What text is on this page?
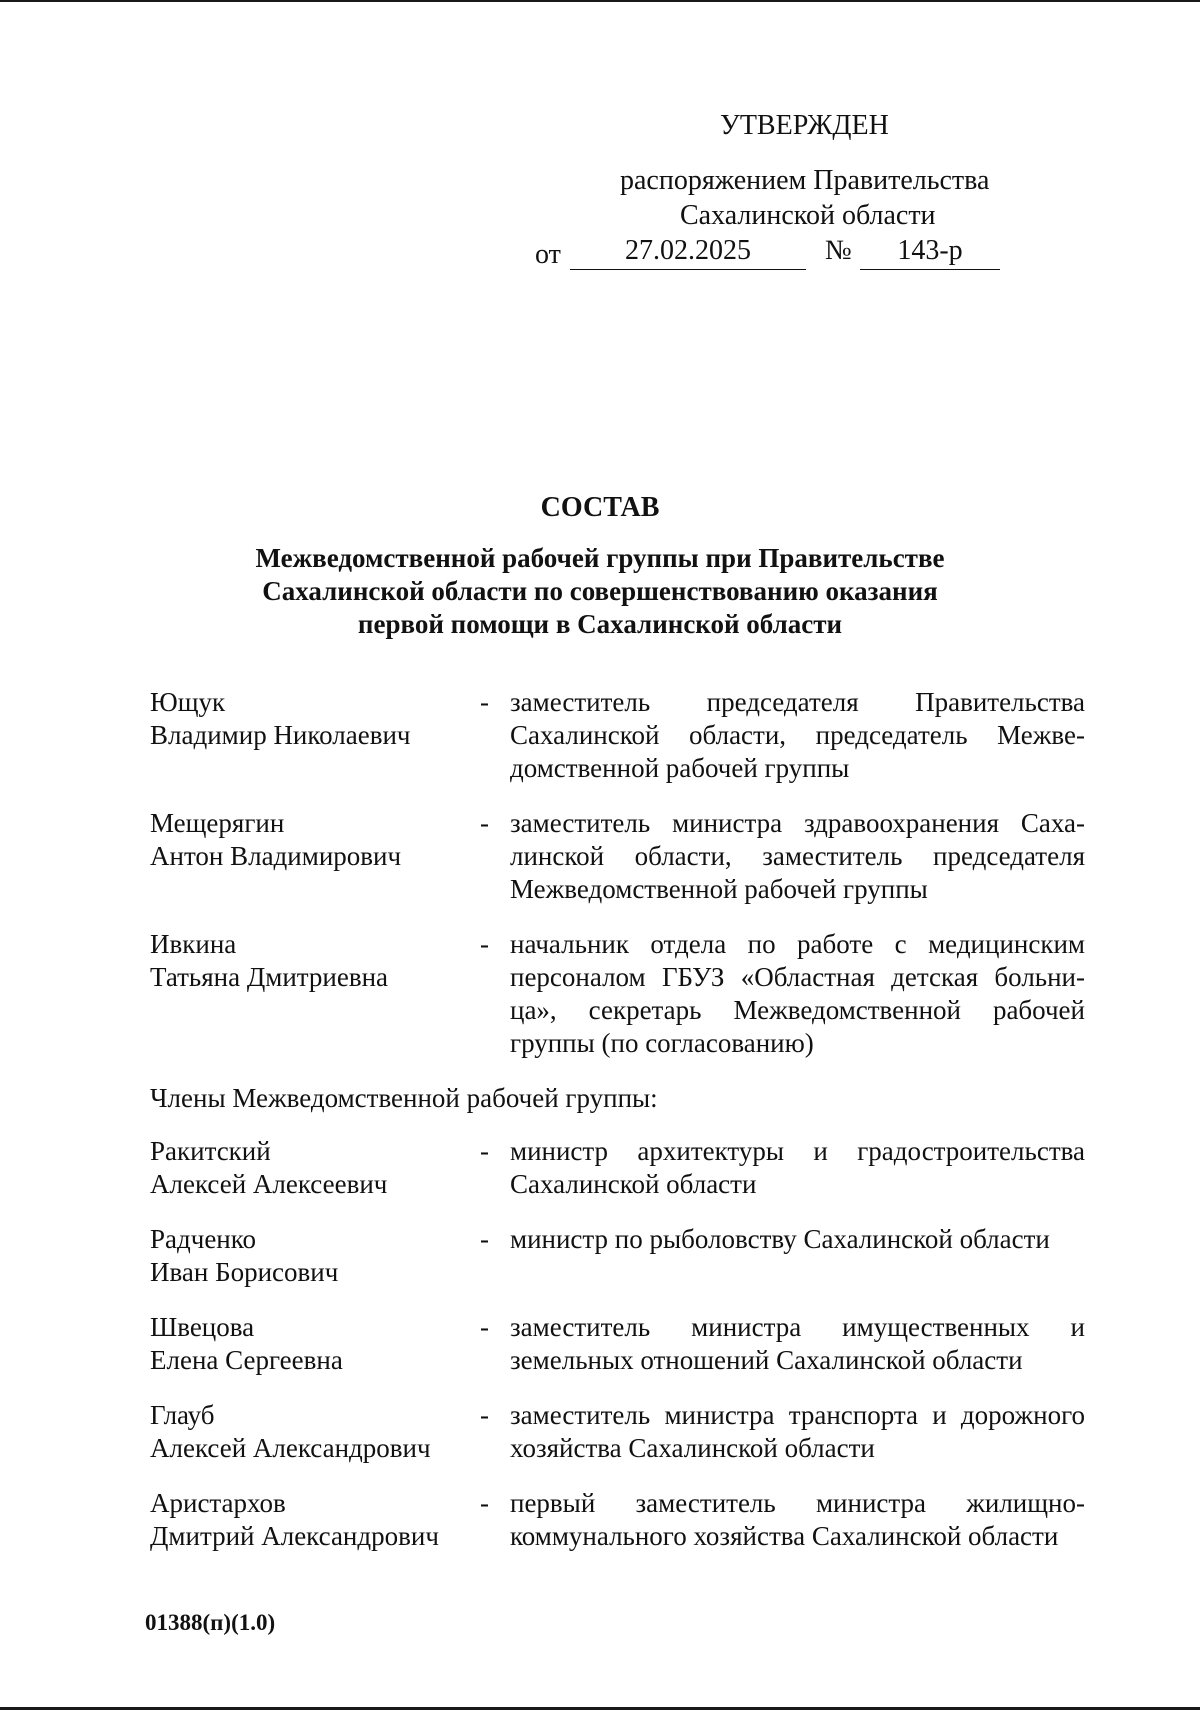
УТВЕРЖДЕН
распоряжением Правительства
Сахалинской области
от	27.02.2025	№	143-р
СОСТАВ
Межведомственной рабочей группы при Правительстве
Сахалинской области по совершенствованию оказания
первой помощи в Сахалинской области
Ющук
Владимир Николаевич
- заместитель председателя Правительства Сахалинской области, председатель Межве-домственной рабочей группы
Мещерягин
Антон Владимирович
- заместитель министра здравоохранения Саха-линской области, заместитель председателя Межведомственной рабочей группы
Ивкина
Татьяна Дмитриевна
- начальник отдела по работе с медицинским персоналом ГБУЗ «Областная детская больни-ца», секретарь Межведомственной рабочей группы (по согласованию)
Члены Межведомственной рабочей группы:
Ракитский
Алексей Алексеевич
- министр архитектуры и градостроительства Сахалинской области
Радченко
Иван Борисович
- министр по рыболовству Сахалинской области
Швецова
Елена Сергеевна
- заместитель министра имущественных и земельных отношений Сахалинской области
Глауб
Алексей Александрович
- заместитель министра транспорта и дорожного хозяйства Сахалинской области
Аристархов
Дмитрий Александрович
- первый заместитель министра жилищно-коммунального хозяйства Сахалинской области
01388(п)(1.0)
